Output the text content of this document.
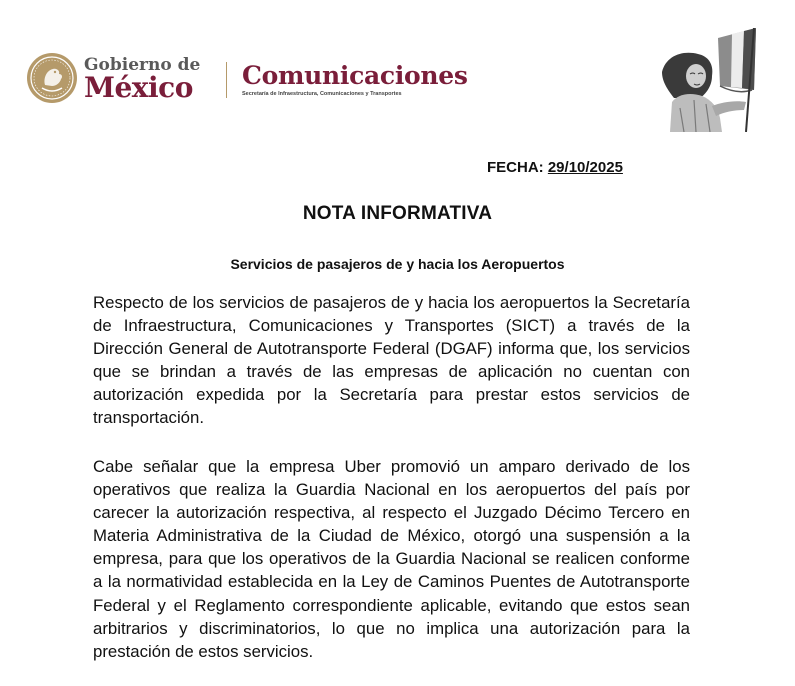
Gobierno de
México Comunicaciones
Secretaría de Infraestructura, Comunicaciones y Transportes
FECHA: 29/10/2025
NOTA INFORMATIVA
Servicios de pasajeros de y hacia los Aeropuertos

Respecto de los servicios de pasajeros de y hacia los aeropuertos la Secretaría de Infraestructura, Comunicaciones y Transportes (SICT) a través de la Dirección General de Autotransporte Federal (DGAF) informa que, los servicios que se brindan a través de las empresas de aplicación no cuentan con autorización expedida por la Secretaría para prestar estos servicios de transportación.

Cabe señalar que la empresa Uber promovió un amparo derivado de los operativos que realiza la Guardia Nacional en los aeropuertos del país por carecer la autorización respectiva, al respecto el Juzgado Décimo Tercero en Materia Administrativa de la Ciudad de México, otorgó una suspensión a la empresa, para que los operativos de la Guardia Nacional se realicen conforme a la normatividad establecida en la Ley de Caminos Puentes de Autotransporte Federal y el Reglamento correspondiente aplicable, evitando que estos sean arbitrarios y discriminatorios, lo que no implica una autorización para la prestación de estos servicios.
